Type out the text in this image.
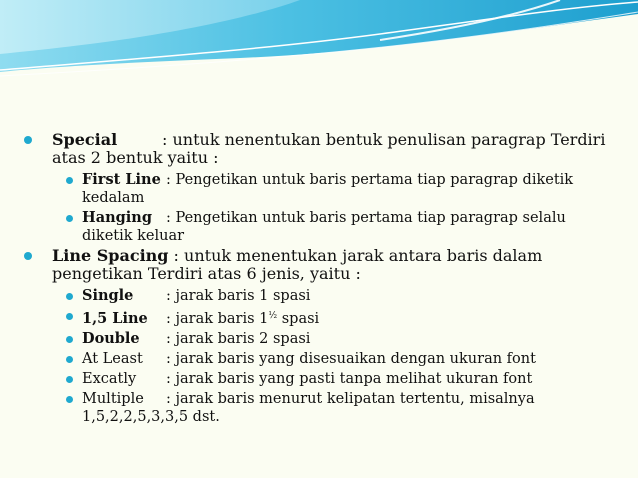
Special	: untuk nenentukan bentuk penulisan paragrap Terdiri
atas 2 bentuk yaitu :
First Line : Pengetikan untuk baris pertama tiap paragrap diketik
kedalam
Hanging : Pengetikan untuk baris pertama tiap paragrap selalu
diketik keluar
Line Spacing : untuk menentukan jarak antara baris dalam
pengetikan Terdiri atas 6 jenis, yaitu :
Single : jarak baris 1 spasi
1,5 Line : jarak baris $1^{\frac{1}{2}}$ spasi
Double : jarak baris 2 spasi
At Least : jarak baris yang disesuaikan dengan ukuran font
Excatly : jarak baris yang pasti tanpa melihat ukuran font
Multiple : jarak baris menurut kelipatan tertentu, misalnya
1,5,2,2,5,3,3,5 dst.
